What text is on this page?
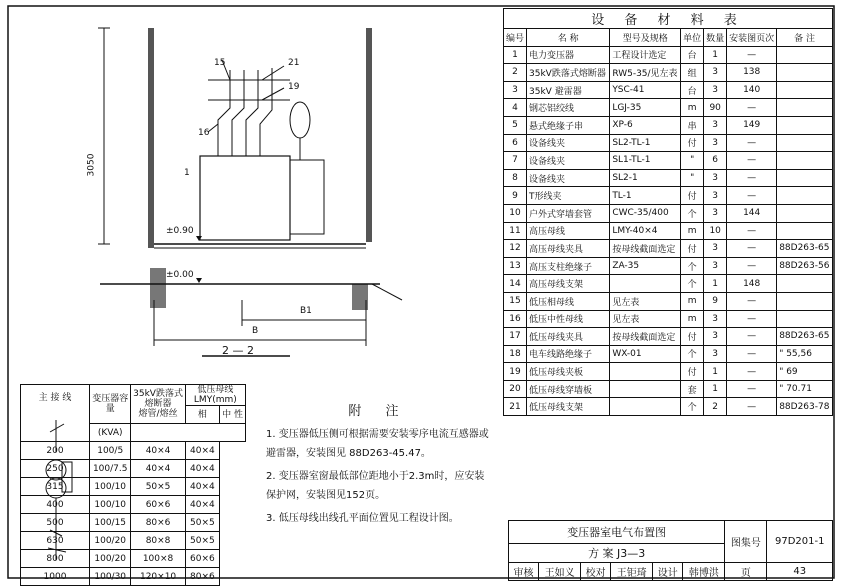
15	21
19
16
1
B1
B
±0.90
±0.00
3050
2 — 2
设 备 材 料 表						
编号	名 称	型号及规格	单位	数量	安装图页次	备 注
1	电力变压器	工程设计选定	台	1	—	
2	35kV跌落式熔断器	RW5-35/见左表	组	3	138	
3	35kV 避雷器	YSC-41	台	3	140	
4	钢芯铝绞线	LGJ-35	m	90	—	
5	悬式绝缘子串	XP-6	串	3	149	
6	设备线夹	SL2-TL-1	付	3	—	
7	设备线夹	SL1-TL-1	"	6	—	
8	设备线夹	SL2-1	"	3	—	
9	T形线夹	TL-1	付	3	—	
10	户外式穿墙套管	CWC-35/400	个	3	144	
11	高压母线	LMY-40×4	m	10	—	
12	高压母线夹具	按母线截面选定	付	3	—	88D263-65
13	高压支柱绝缘子	ZA-35	个	3	—	88D263-56
14	高压母线支架		个	1	148	
15	低压相母线	见左表	m	9	—	
16	低压中性母线	见左表	m	3	—	
17	低压母线夹具	按母线截面选定	付	3	—	88D263-65
18	电车线路绝缘子	WX-01	个	3	—	" 55,56
19	低压母线夹板		付	1	—	" 69
20	低压母线穿墙板		套	1	—	" 70.71
21	低压母线支架		个	2	—	88D263-78
主 接 线	变压器容量	35kV跌落式熔断器
熔管/熔丝	低压母线 LMY(mm)	
			相	中 性
	(KVA)			
200	100/5	40×4	40×4	
250	100/7.5	40×4	40×4	
315	100/10	50×5	40×4	
400	100/10	60×6	40×4	
500	100/15	80×6	50×5	
630	100/20	80×8	50×5	
800	100/20	100×8	60×6	
1000	100/30	120×10	80×6	
附 注
1. 变压器低压侧可根据需要安装零序电流互感器或避雷器，安装图见 88D263-45.47。
2. 变压器室窗最低部位距地小于2.3m时，应安装保护网，安装图见152页。
3. 低压母线出线孔平面位置见工程设计图。
变压器室电气布置图						图集号	97D201-1
方 案 J3—3							
审核	王如义	校对	王钜琦	设计	韩博洪	页	43
